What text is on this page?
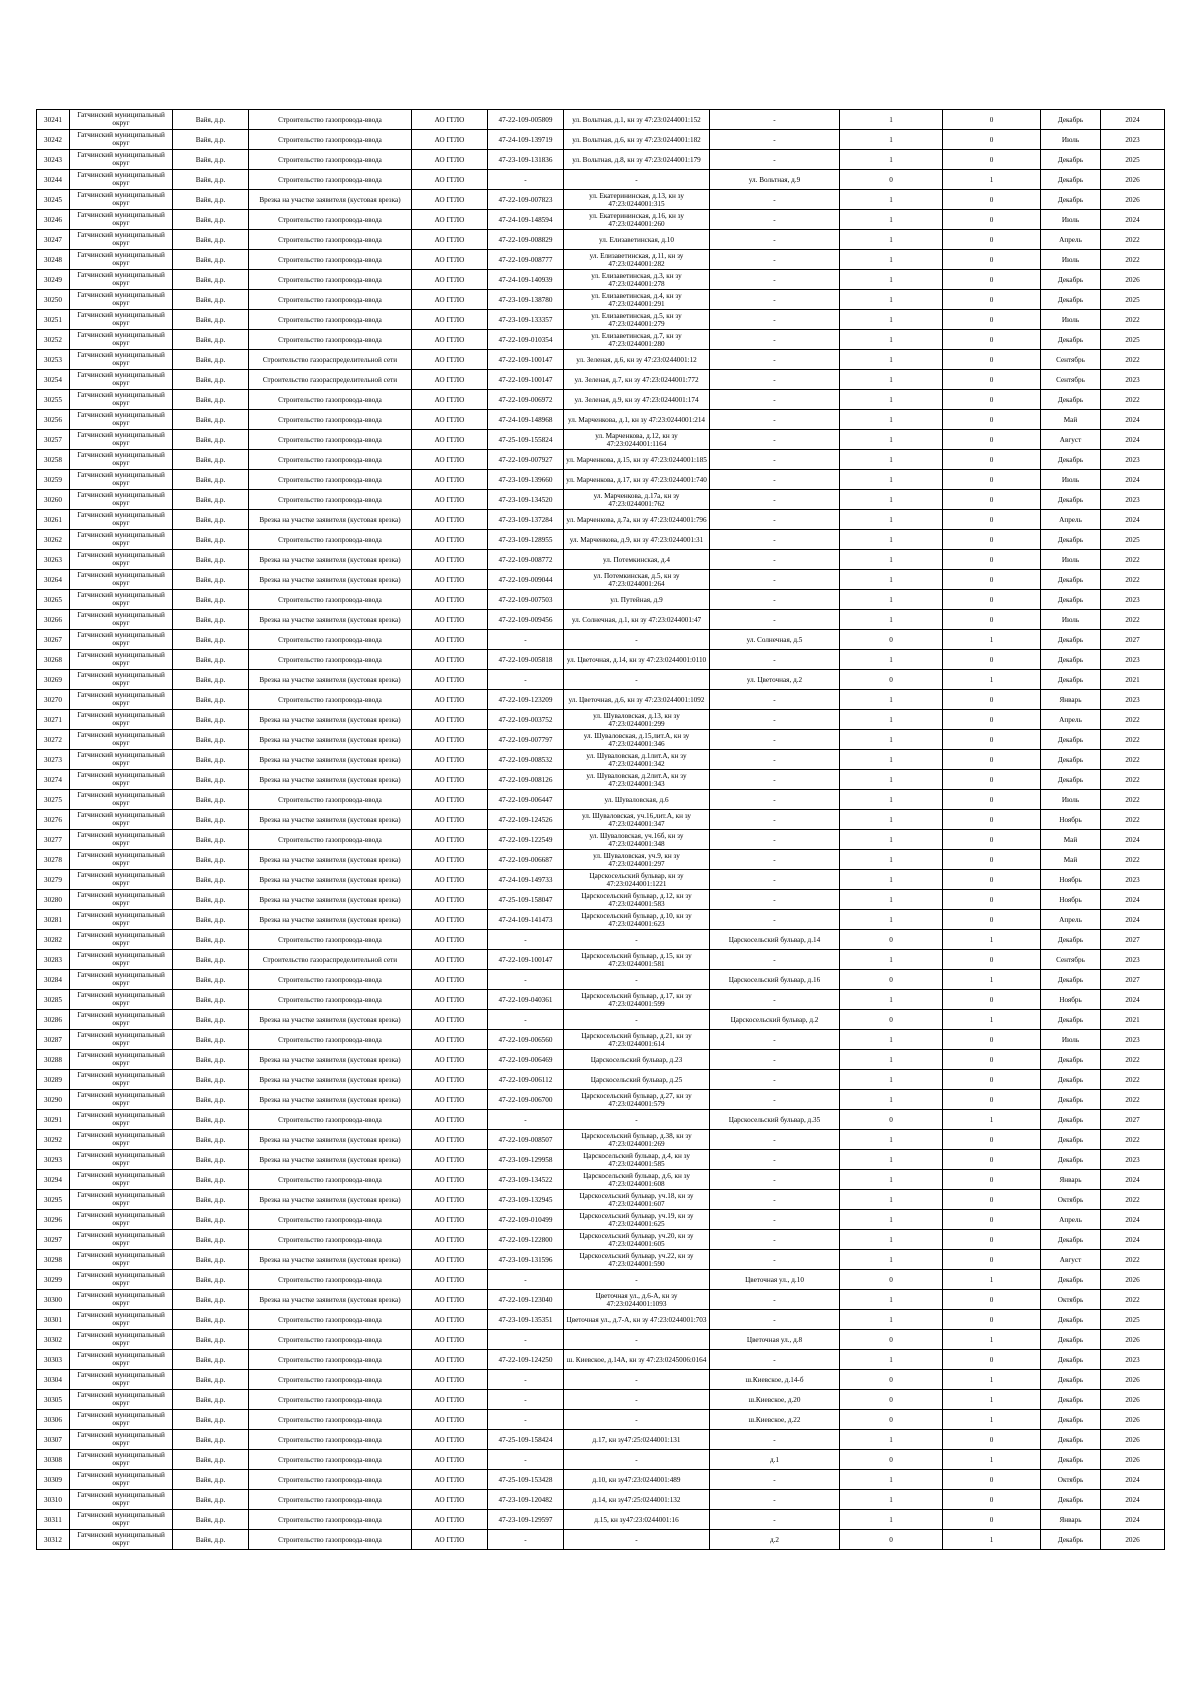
30241	Гатчинский муниципальный округ	Вайя, д.р.	Строительство газопровода-ввода	АО ГГЛО	47-22-109-005809	ул. Вольтная, д.1, кн зу 47:23:0244001:152	-	1	0	Декабрь	2024
30242	Гатчинский муниципальный округ	Вайя, д.р.	Строительство газопровода-ввода	АО ГГЛО	47-24-109-139719	ул. Вольтная, д.6, кн зу 47:23:0244001:182	-	1	0	Июль	2023
30243	Гатчинский муниципальный округ	Вайя, д.р.	Строительство газопровода-ввода	АО ГГЛО	47-23-109-131836	ул. Вольтная, д.8, кн зу 47:23:0244001:179	-	1	0	Декабрь	2025
30244	Гатчинский муниципальный округ	Вайя, д.р.	Строительство газопровода-ввода	АО ГГЛО	-	-	ул. Вольтная, д.9	0	1	Декабрь	2026
30245	Гатчинский муниципальный округ	Вайя, д.р.	Врезка на участке заявителя (кустовая врезка)	АО ГГЛО	47-22-109-007823	ул. Екатерининская, д.13, кн зу 47:23:0244001:315	-	1	0	Декабрь	2026
30246	Гатчинский муниципальный округ	Вайя, д.р.	Строительство газопровода-ввода	АО ГГЛО	47-24-109-148594	ул. Екатерининская, д.16, кн зу 47:23:0244001:260	-	1	0	Июль	2024
30247	Гатчинский муниципальный округ	Вайя, д.р.	Строительство газопровода-ввода	АО ГГЛО	47-22-109-008829	ул. Елизаветинская, д.10	-	1	0	Апрель	2022
30248	Гатчинский муниципальный округ	Вайя, д.р.	Строительство газопровода-ввода	АО ГГЛО	47-22-109-008777	ул. Елизаветинская, д.11, кн зу 47:23:0244001:282	-	1	0	Июль	2022
30249	Гатчинский муниципальный округ	Вайя, д.р.	Строительство газопровода-ввода	АО ГГЛО	47-24-109-140939	ул. Елизаветинская, д.3, кн зу 47:23:0244001:278	-	1	0	Декабрь	2026
30250	Гатчинский муниципальный округ	Вайя, д.р.	Строительство газопровода-ввода	АО ГГЛО	47-23-109-138780	ул. Елизаветинская, д.4, кн зу 47:23:0244001:291	-	1	0	Декабрь	2025
30251	Гатчинский муниципальный округ	Вайя, д.р.	Строительство газопровода-ввода	АО ГГЛО	47-23-109-133357	ул. Елизаветинская, д.5, кн зу 47:23:0244001:279	-	1	0	Июль	2022
30252	Гатчинский муниципальный округ	Вайя, д.р.	Строительство газопровода-ввода	АО ГГЛО	47-22-109-010354	ул. Елизаветинская, д.7, кн зу 47:23:0244001:280	-	1	0	Декабрь	2025
30253	Гатчинский муниципальный округ	Вайя, д.р.	Строительство газораспределительной сети	АО ГГЛО	47-22-109-100147	ул. Зеленая, д.6, кн зу 47:23:0244001:12	-	1	0	Сентябрь	2022
30254	Гатчинский муниципальный округ	Вайя, д.р.	Строительство газораспределительной сети	АО ГГЛО	47-22-109-100147	ул. Зеленая, д.7, кн зу 47:23:0244001:772	-	1	0	Сентябрь	2023
30255	Гатчинский муниципальный округ	Вайя, д.р.	Строительство газопровода-ввода	АО ГГЛО	47-22-109-006972	ул. Зеленая, д.9, кн зу 47:23:0244001:174	-	1	0	Декабрь	2022
30256	Гатчинский муниципальный округ	Вайя, д.р.	Строительство газопровода-ввода	АО ГГЛО	47-24-109-148968	ул. Марченкова, д.1, кн зу 47:23:0244001:214	-	1	0	Май	2024
30257	Гатчинский муниципальный округ	Вайя, д.р.	Строительство газопровода-ввода	АО ГГЛО	47-25-109-155824	ул. Марченкова, д.12, кн зу 47:23:0244001:1164	-	1	0	Август	2024
30258	Гатчинский муниципальный округ	Вайя, д.р.	Строительство газопровода-ввода	АО ГГЛО	47-22-109-007927	ул. Марченкова, д.15, кн зу 47:23:0244001:185	-	1	0	Декабрь	2023
30259	Гатчинский муниципальный округ	Вайя, д.р.	Строительство газопровода-ввода	АО ГГЛО	47-23-109-139660	ул. Марченкова, д.17, кн зу 47:23:0244001:740	-	1	0	Июль	2024
30260	Гатчинский муниципальный округ	Вайя, д.р.	Строительство газопровода-ввода	АО ГГЛО	47-23-109-134520	ул. Марченкова, д.17а, кн зу 47:23:0244001:762	-	1	0	Декабрь	2023
30261	Гатчинский муниципальный округ	Вайя, д.р.	Врезка на участке заявителя (кустовая врезка)	АО ГГЛО	47-23-109-137284	ул. Марченкова, д.7а, кн зу 47:23:0244001:796	-	1	0	Апрель	2024
30262	Гатчинский муниципальный округ	Вайя, д.р.	Строительство газопровода-ввода	АО ГГЛО	47-23-109-128955	ул. Марченкова, д.9, кн зу 47:23:0244001:31	-	1	0	Декабрь	2025
30263	Гатчинский муниципальный округ	Вайя, д.р.	Врезка на участке заявителя (кустовая врезка)	АО ГГЛО	47-22-109-008772	ул. Потемкинская, д.4	-	1	0	Июль	2022
30264	Гатчинский муниципальный округ	Вайя, д.р.	Врезка на участке заявителя (кустовая врезка)	АО ГГЛО	47-22-109-009044	ул. Потемкинская, д.5, кн зу 47:23:0244001:264	-	1	0	Декабрь	2022
30265	Гатчинский муниципальный округ	Вайя, д.р.	Строительство газопровода-ввода	АО ГГЛО	47-22-109-007503	ул. Путейная, д.9	-	1	0	Декабрь	2023
30266	Гатчинский муниципальный округ	Вайя, д.р.	Врезка на участке заявителя (кустовая врезка)	АО ГГЛО	47-22-109-009456	ул. Солнечная, д.1, кн зу 47:23:0244001:47	-	1	0	Июль	2022
30267	Гатчинский муниципальный округ	Вайя, д.р.	Строительство газопровода-ввода	АО ГГЛО	-	-	ул. Солнечная, д.5	0	1	Декабрь	2027
30268	Гатчинский муниципальный округ	Вайя, д.р.	Строительство газопровода-ввода	АО ГГЛО	47-22-109-005818	ул. Цветочная, д.14, кн зу 47:23:0244001:0110	-	1	0	Декабрь	2023
30269	Гатчинский муниципальный округ	Вайя, д.р.	Врезка на участке заявителя (кустовая врезка)	АО ГГЛО	-	-	ул. Цветочная, д.2	0	1	Декабрь	2021
30270	Гатчинский муниципальный округ	Вайя, д.р.	Строительство газопровода-ввода	АО ГГЛО	47-22-109-123209	ул. Цветочная, д.6, кн зу 47:23:0244001:1092	-	1	0	Январь	2023
30271	Гатчинский муниципальный округ	Вайя, д.р.	Врезка на участке заявителя (кустовая врезка)	АО ГГЛО	47-22-109-003752	ул. Шуваловская, д.13, кн зу 47:23:0244001:299	-	1	0	Апрель	2022
30272	Гатчинский муниципальный округ	Вайя, д.р.	Врезка на участке заявителя (кустовая врезка)	АО ГГЛО	47-22-109-007797	ул. Шуваловская, д.15,лит.А, кн зу 47:23:0244001:346	-	1	0	Декабрь	2022
30273	Гатчинский муниципальный округ	Вайя, д.р.	Врезка на участке заявителя (кустовая врезка)	АО ГГЛО	47-22-109-008532	ул. Шуваловская, д.1лит.А, кн зу 47:23:0244001:342	-	1	0	Декабрь	2022
30274	Гатчинский муниципальный округ	Вайя, д.р.	Врезка на участке заявителя (кустовая врезка)	АО ГГЛО	47-22-109-008126	ул. Шуваловская, д.2лит.А, кн зу 47:23:0244001:343	-	1	0	Декабрь	2022
30275	Гатчинский муниципальный округ	Вайя, д.р.	Строительство газопровода-ввода	АО ГГЛО	47-22-109-006447	ул. Шуваловская, д.6	-	1	0	Июль	2022
30276	Гатчинский муниципальный округ	Вайя, д.р.	Врезка на участке заявителя (кустовая врезка)	АО ГГЛО	47-22-109-124526	ул. Шуваловская, уч.16,лит.А, кн зу 47:23:0244001:347	-	1	0	Ноябрь	2022
30277	Гатчинский муниципальный округ	Вайя, д.р.	Строительство газопровода-ввода	АО ГГЛО	47-22-109-122549	ул. Шуваловская, уч.16б, кн зу 47:23:0244001:348	-	1	0	Май	2024
30278	Гатчинский муниципальный округ	Вайя, д.р.	Врезка на участке заявителя (кустовая врезка)	АО ГГЛО	47-22-109-006687	ул. Шуваловская, уч.9, кн зу 47:23:0244001:297	-	1	0	Май	2022
30279	Гатчинский муниципальный округ	Вайя, д.р.	Врезка на участке заявителя (кустовая врезка)	АО ГГЛО	47-24-109-149733	Царскосельский бульвар, кн зу 47:23:0244001:1221	-	1	0	Ноябрь	2023
30280	Гатчинский муниципальный округ	Вайя, д.р.	Врезка на участке заявителя (кустовая врезка)	АО ГГЛО	47-25-109-158047	Царскосельский бульвар, д.12, кн зу 47:23:0244001:583	-	1	0	Ноябрь	2024
30281	Гатчинский муниципальный округ	Вайя, д.р.	Врезка на участке заявителя (кустовая врезка)	АО ГГЛО	47-24-109-141473	Царскосельский бульвар, д.10, кн зу 47:23:0244001:623	-	1	0	Апрель	2024
30282	Гатчинский муниципальный округ	Вайя, д.р.	Строительство газопровода-ввода	АО ГГЛО	-	-	Царскосельский бульвар, д.14	0	1	Декабрь	2027
30283	Гатчинский муниципальный округ	Вайя, д.р.	Строительство газораспределительной сети	АО ГГЛО	47-22-109-100147	Царскосельский бульвар, д.15, кн зу 47:23:0244001:581	-	1	0	Сентябрь	2023
30284	Гатчинский муниципальный округ	Вайя, д.р.	Строительство газопровода-ввода	АО ГГЛО	-	-	Царскосельский бульвар, д.16	0	1	Декабрь	2027
30285	Гатчинский муниципальный округ	Вайя, д.р.	Строительство газопровода-ввода	АО ГГЛО	47-22-109-040361	Царскосельский бульвар, д.17, кн зу 47:23:0244001:599	-	1	0	Ноябрь	2024
30286	Гатчинский муниципальный округ	Вайя, д.р.	Врезка на участке заявителя (кустовая врезка)	АО ГГЛО	-	-	Царскосельский бульвар, д.2	0	1	Декабрь	2021
30287	Гатчинский муниципальный округ	Вайя, д.р.	Строительство газопровода-ввода	АО ГГЛО	47-22-109-006560	Царскосельский бульвар, д.21, кн зу 47:23:0244001:614	-	1	0	Июль	2023
30288	Гатчинский муниципальный округ	Вайя, д.р.	Врезка на участке заявителя (кустовая врезка)	АО ГГЛО	47-22-109-006469	Царскосельский бульвар, д.23	-	1	0	Декабрь	2022
30289	Гатчинский муниципальный округ	Вайя, д.р.	Врезка на участке заявителя (кустовая врезка)	АО ГГЛО	47-22-109-006112	Царскосельский бульвар, д.25	-	1	0	Декабрь	2022
30290	Гатчинский муниципальный округ	Вайя, д.р.	Врезка на участке заявителя (кустовая врезка)	АО ГГЛО	47-22-109-006700	Царскосельский бульвар, д.27, кн зу 47:23:0244001:579	-	1	0	Декабрь	2022
30291	Гатчинский муниципальный округ	Вайя, д.р.	Строительство газопровода-ввода	АО ГГЛО	-	-	Царскосельский бульвар, д.35	0	1	Декабрь	2027
30292	Гатчинский муниципальный округ	Вайя, д.р.	Врезка на участке заявителя (кустовая врезка)	АО ГГЛО	47-22-109-008507	Царскосельский бульвар, д.38, кн зу 47:23:0244001:269	-	1	0	Декабрь	2022
30293	Гатчинский муниципальный округ	Вайя, д.р.	Врезка на участке заявителя (кустовая врезка)	АО ГГЛО	47-23-109-129958	Царскосельский бульвар, д.4, кн зу 47:23:0244001:585	-	1	0	Декабрь	2023
30294	Гатчинский муниципальный округ	Вайя, д.р.	Строительство газопровода-ввода	АО ГГЛО	47-23-109-134522	Царскосельский бульвар, д.6, кн зу 47:23:0244001:608	-	1	0	Январь	2024
30295	Гатчинский муниципальный округ	Вайя, д.р.	Врезка на участке заявителя (кустовая врезка)	АО ГГЛО	47-23-109-132945	Царскосельский бульвар, уч.18, кн зу 47:23:0244001:607	-	1	0	Октябрь	2022
30296	Гатчинский муниципальный округ	Вайя, д.р.	Строительство газопровода-ввода	АО ГГЛО	47-22-109-010499	Царскосельский бульвар, уч.19, кн зу 47:23:0244001:625	-	1	0	Апрель	2024
30297	Гатчинский муниципальный округ	Вайя, д.р.	Строительство газопровода-ввода	АО ГГЛО	47-22-109-122800	Царскосельский бульвар, уч.20, кн зу 47:23:0244001:605	-	1	0	Декабрь	2024
30298	Гатчинский муниципальный округ	Вайя, д.р.	Врезка на участке заявителя (кустовая врезка)	АО ГГЛО	47-23-109-131596	Царскосельский бульвар, уч.22, кн зу 47:23:0244001:590	-	1	0	Август	2022
30299	Гатчинский муниципальный округ	Вайя, д.р.	Строительство газопровода-ввода	АО ГГЛО	-	-	Цветочная ул., д.10	0	1	Декабрь	2026
30300	Гатчинский муниципальный округ	Вайя, д.р.	Врезка на участке заявителя (кустовая врезка)	АО ГГЛО	47-22-109-123040	Цветочная ул., д.6-А, кн зу 47:23:0244001:1093	-	1	0	Октябрь	2022
30301	Гатчинский муниципальный округ	Вайя, д.р.	Строительство газопровода-ввода	АО ГГЛО	47-23-109-135351	Цветочная ул., д.7-А, кн зу 47:23:0244001:703	-	1	0	Декабрь	2025
30302	Гатчинский муниципальный округ	Вайя, д.р.	Строительство газопровода-ввода	АО ГГЛО	-	-	Цветочная ул., д.8	0	1	Декабрь	2026
30303	Гатчинский муниципальный округ	Вайя, д.р.	Строительство газопровода-ввода	АО ГГЛО	47-22-109-124250	ш. Киевское, д.14А, кн зу 47:23:0245006:0164	-	1	0	Декабрь	2023
30304	Гатчинский муниципальный округ	Вайя, д.р.	Строительство газопровода-ввода	АО ГГЛО	-	-	ш.Киевское, д.14-б	0	1	Декабрь	2026
30305	Гатчинский муниципальный округ	Вайя, д.р.	Строительство газопровода-ввода	АО ГГЛО	-	-	ш.Киевское, д.20	0	1	Декабрь	2026
30306	Гатчинский муниципальный округ	Вайя, д.р.	Строительство газопровода-ввода	АО ГГЛО	-	-	ш.Киевское, д.22	0	1	Декабрь	2026
30307	Гатчинский муниципальный округ	Вайя, д.р.	Строительство газопровода-ввода	АО ГГЛО	47-25-109-158424	д.17, кн зу47:25:0244001:131	-	1	0	Декабрь	2026
30308	Гатчинский муниципальный округ	Вайя, д.р.	Строительство газопровода-ввода	АО ГГЛО	-	-	д.1	0	1	Декабрь	2026
30309	Гатчинский муниципальный округ	Вайя, д.р.	Строительство газопровода-ввода	АО ГГЛО	47-25-109-153428	д.10, кн зу47:23:0244001:489	-	1	0	Октябрь	2024
30310	Гатчинский муниципальный округ	Вайя, д.р.	Строительство газопровода-ввода	АО ГГЛО	47-23-109-120482	д.14, кн зу47:25:0244001:132	-	1	0	Декабрь	2024
30311	Гатчинский муниципальный округ	Вайя, д.р.	Строительство газопровода-ввода	АО ГГЛО	47-23-109-129597	д.15, кн зу47:23:0244001:16	-	1	0	Январь	2024
30312	Гатчинский муниципальный округ	Вайя, д.р.	Строительство газопровода-ввода	АО ГГЛО	-	-	д.2	0	1	Декабрь	2026
